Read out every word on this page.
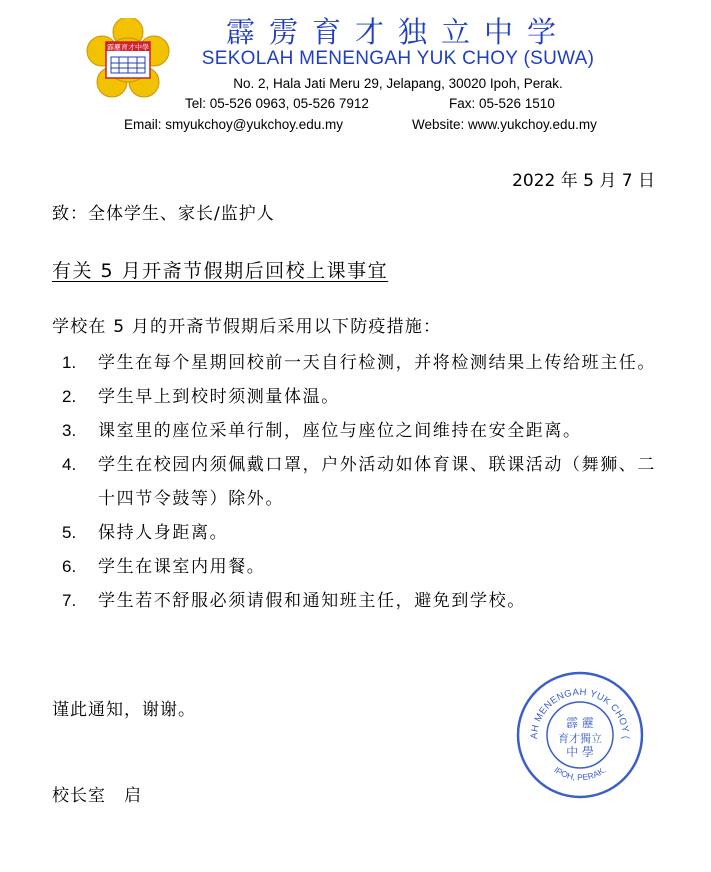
霹靂育才中學	霹雳育才独立中学
SEKOLAH MENENGAH YUK CHOY (SUWA)
No. 2, Hala Jati Meru 29, Jelapang, 30020 Ipoh, Perak.
Tel: 05-526 0963, 05-526 7912	Fax: 05-526 1510
Email: smyukchoy@yukchoy.edu.my	Website: www.yukchoy.edu.my
2022 年 5 月 7 日
致：全体学生、家长/监护人
有关 5 月开斋节假期后回校上课事宜
学校在 5 月的开斋节假期后采用以下防疫措施：
1. 学生在每个星期回校前一天自行检测，并将检测结果上传给班主任。
2. 学生早上到校时须测量体温。
3. 课室里的座位采单行制，座位与座位之间维持在安全距离。
4. 学生在校园内须佩戴口罩，户外活动如体育课、联课活动（舞狮、二十四节令鼓等）除外。
5. 保持人身距离。
6. 学生在课室内用餐。
7. 学生若不舒服必须请假和通知班主任，避免到学校。
谨此通知，谢谢。
校长室　启
AH MENENGAH YUK CHOY (
IPOH, PERAK.
霹 靂
育才獨立
中 學
